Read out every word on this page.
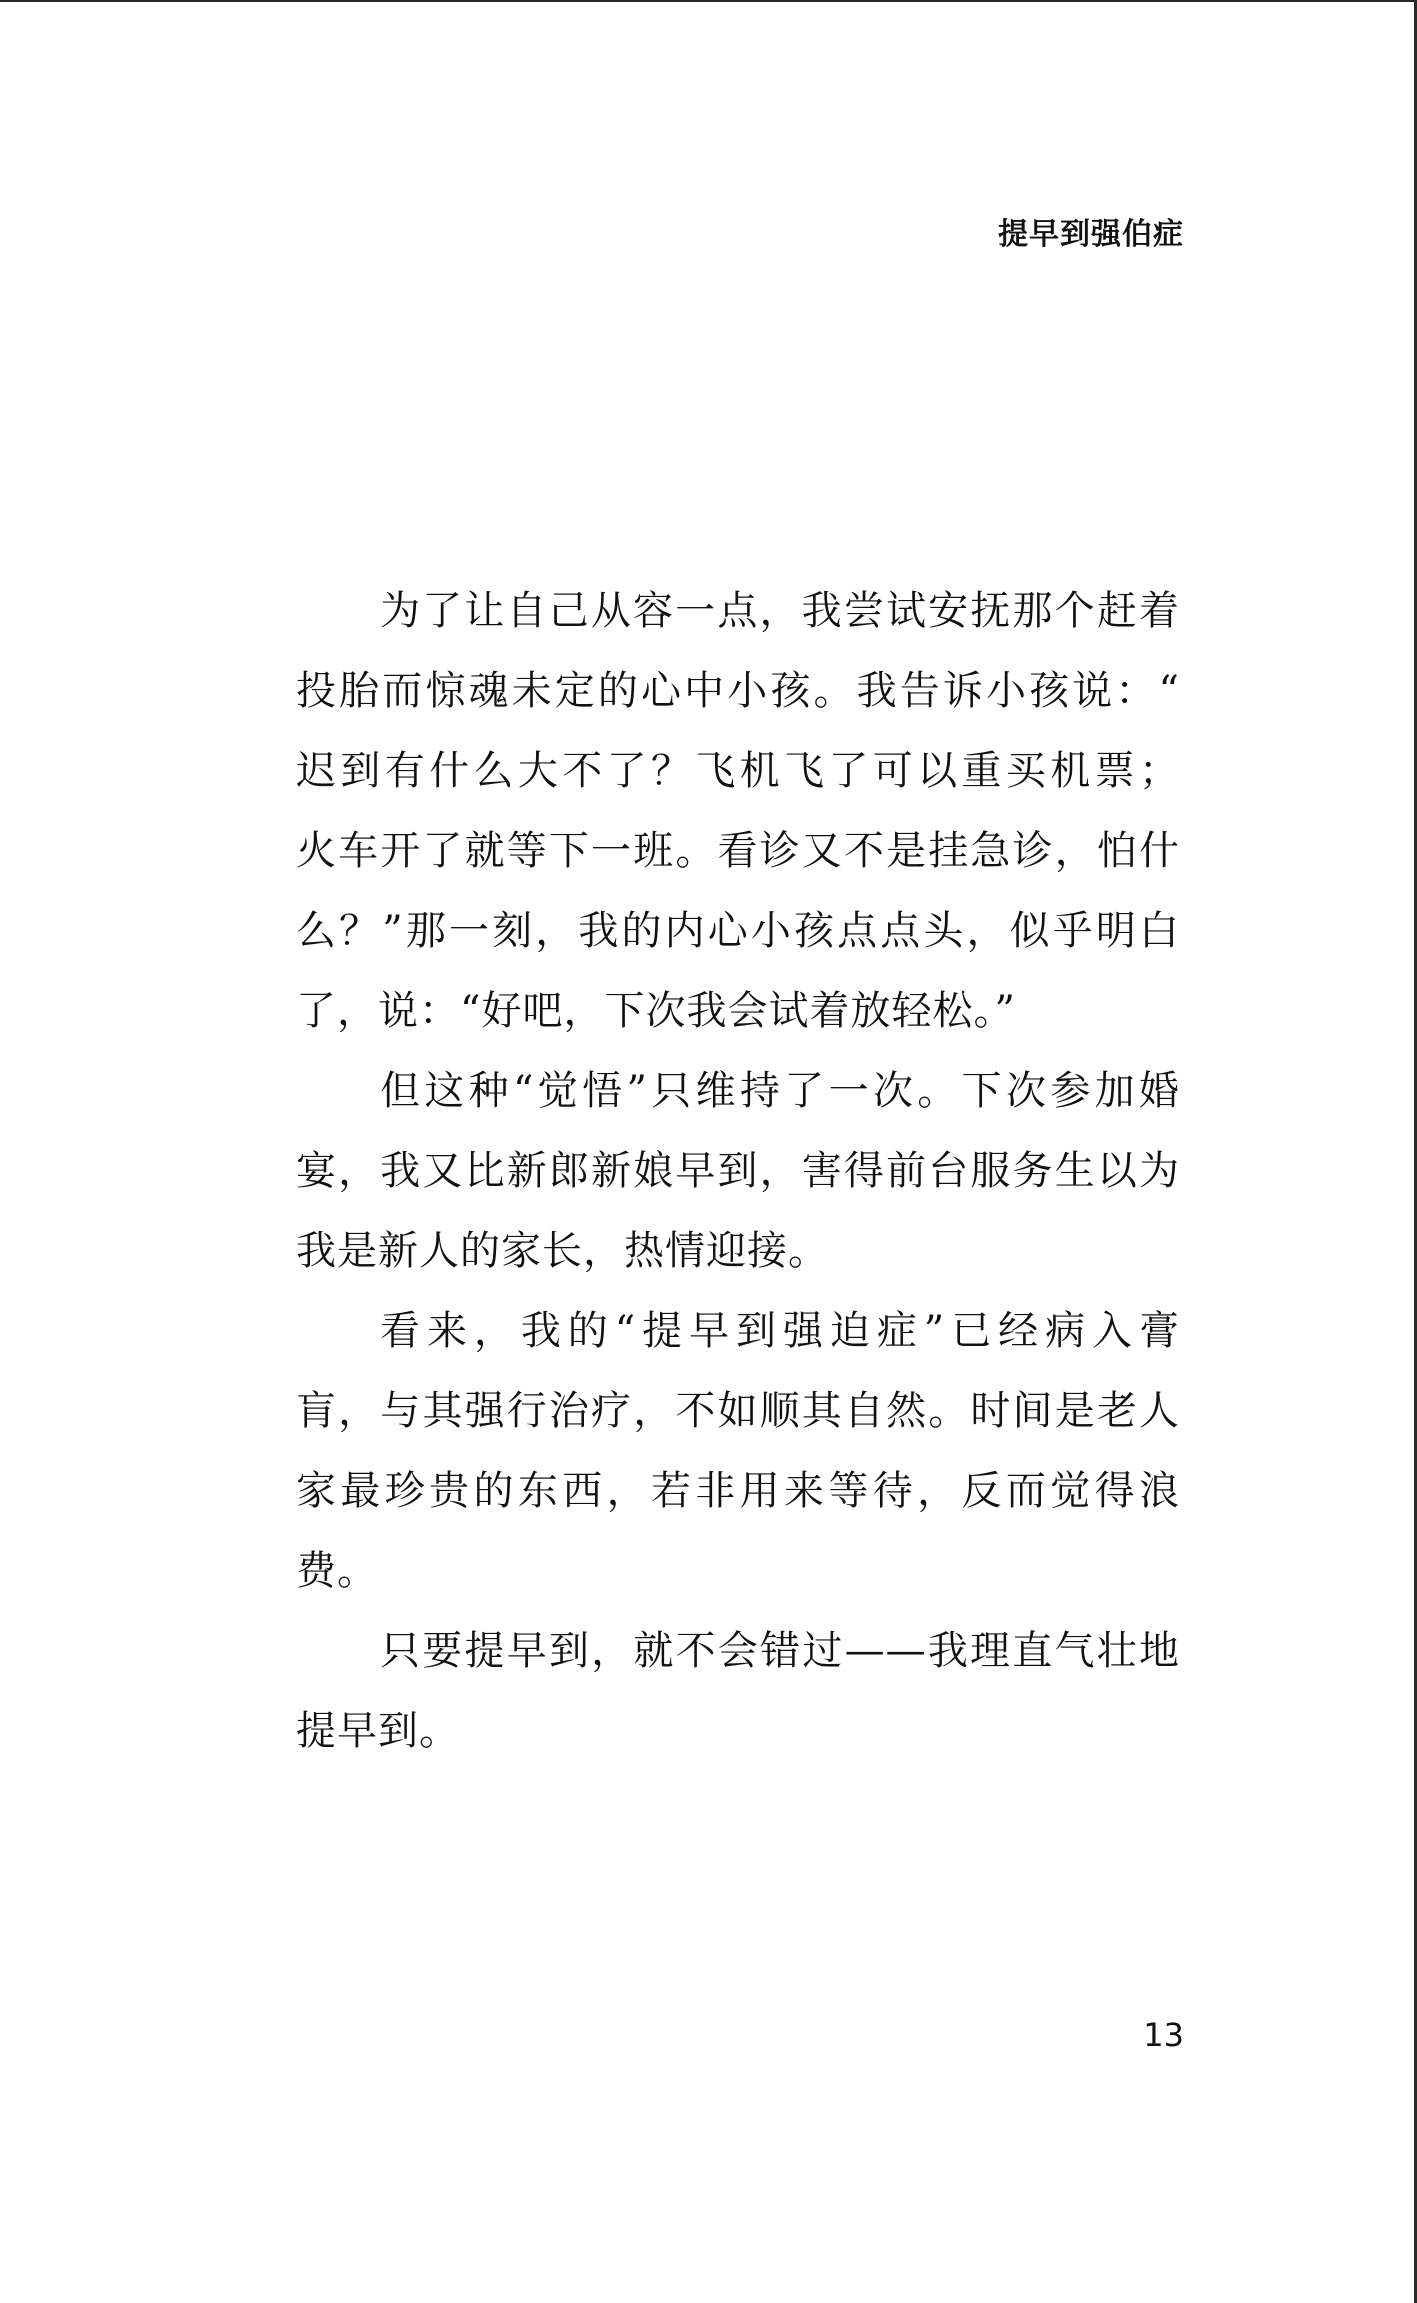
提早到强伯症
为了让自己从容一点，我尝试安抚那个赶着
投胎而惊魂未定的心中小孩。我告诉小孩说：“
迟到有什么大不了？飞机飞了可以重买机票；
火车开了就等下一班。看诊又不是挂急诊，怕什
么？”那一刻，我的内心小孩点点头，似乎明白
了，说：“好吧，下次我会试着放轻松。”
但这种“觉悟”只维持了一次。下次参加婚
宴，我又比新郎新娘早到，害得前台服务生以为
我是新人的家长，热情迎接。
看来，我的“提早到强迫症”已经病入膏
肓，与其强行治疗，不如顺其自然。时间是老人
家最珍贵的东西，若非用来等待，反而觉得浪
费。
只要提早到，就不会错过——我理直气壮地
提早到。
13
